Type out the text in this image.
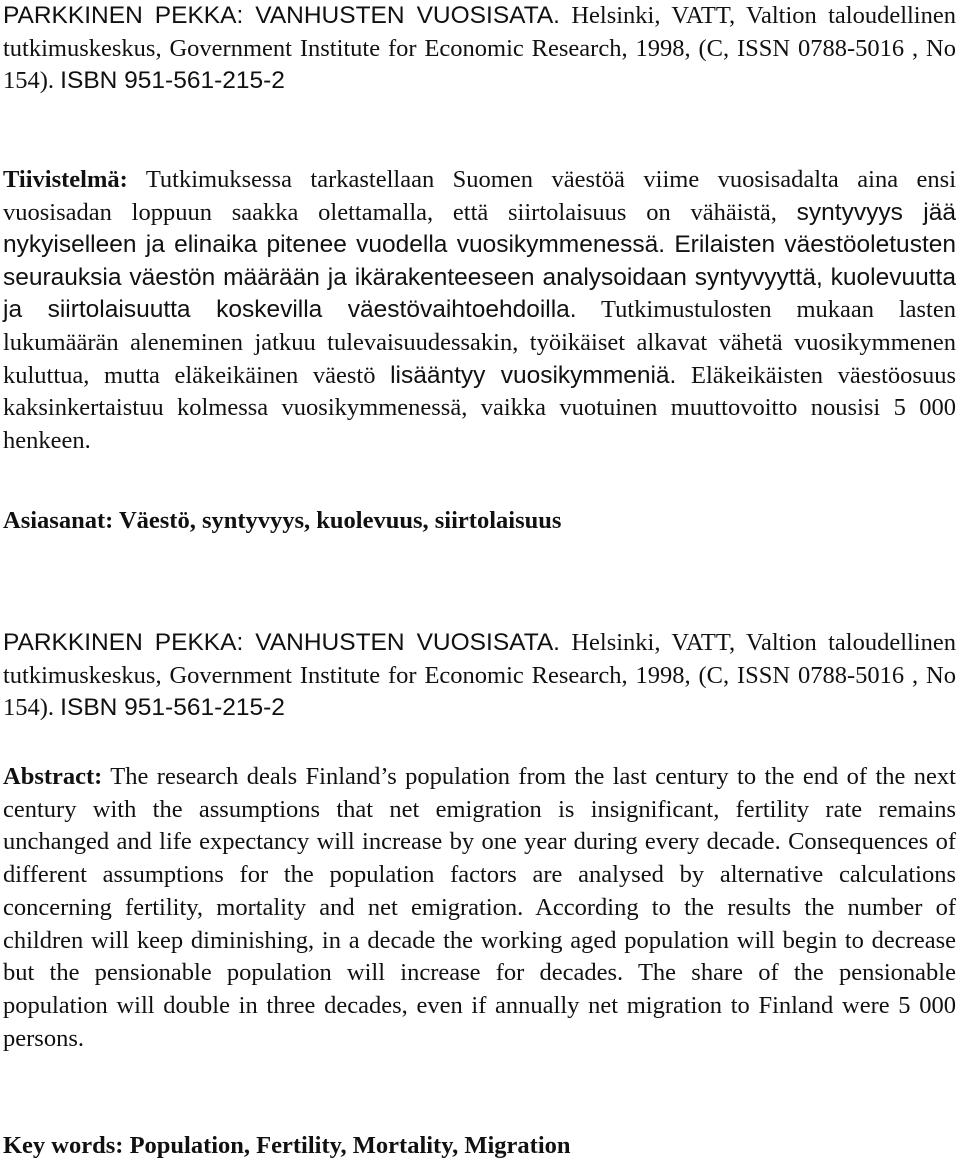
PARKKINEN PEKKA: VANHUSTEN VUOSISATA. Helsinki, VATT, Valtion taloudellinen tutkimuskeskus, Government Institute for Economic Research, 1998, (C, ISSN 0788-5016 , No 154). ISBN 951-561-215-2

Tiivistelmä: Tutkimuksessa tarkastellaan Suomen väestöä viime vuosisadalta aina ensi vuosisadan loppuun saakka olettamalla, että siirtolaisuus on vähäistä, syntyvyys jää nykyiselleen ja elinaika pitenee vuodella vuosikymmenessä. Erilaisten väestöoletusten seurauksia väestön määrään ja ikärakenteeseen analysoidaan syntyvyyttä, kuolevuutta ja siirtolaisuutta koskevilla väestövaihtoehdoilla. Tutkimustulosten mukaan lasten lukumäärän aleneminen jatkuu tulevaisuudessakin, työikäiset alkavat vähetä vuosikymmenen kuluttua, mutta eläkeikäinen väestö lisääntyy vuosikymmeniä. Eläkeikäisten väestöosuus kaksinkertaistuu kolmessa vuosikymmenessä, vaikka vuotuinen muuttovoitto nousisi 5 000 henkeen.

Asiasanat: Väestö, syntyvyys, kuolevuus, siirtolaisuus

PARKKINEN PEKKA: VANHUSTEN VUOSISATA. Helsinki, VATT, Valtion taloudellinen tutkimuskeskus, Government Institute for Economic Research, 1998, (C, ISSN 0788-5016 , No 154). ISBN 951-561-215-2

Abstract: The research deals Finland’s population from the last century to the end of the next century with the assumptions that net emigration is insignificant, fertility rate remains unchanged and life expectancy will increase by one year during every decade. Consequences of different assumptions for the population factors are analysed by alternative calculations concerning fertility, mortality and net emigration. According to the results the number of children will keep diminishing, in a decade the working aged population will begin to decrease but the pensionable population will increase for decades. The share of the pensionable population will double in three decades, even if annually net migration to Finland were 5 000 persons.

Key words: Population, Fertility, Mortality, Migration
